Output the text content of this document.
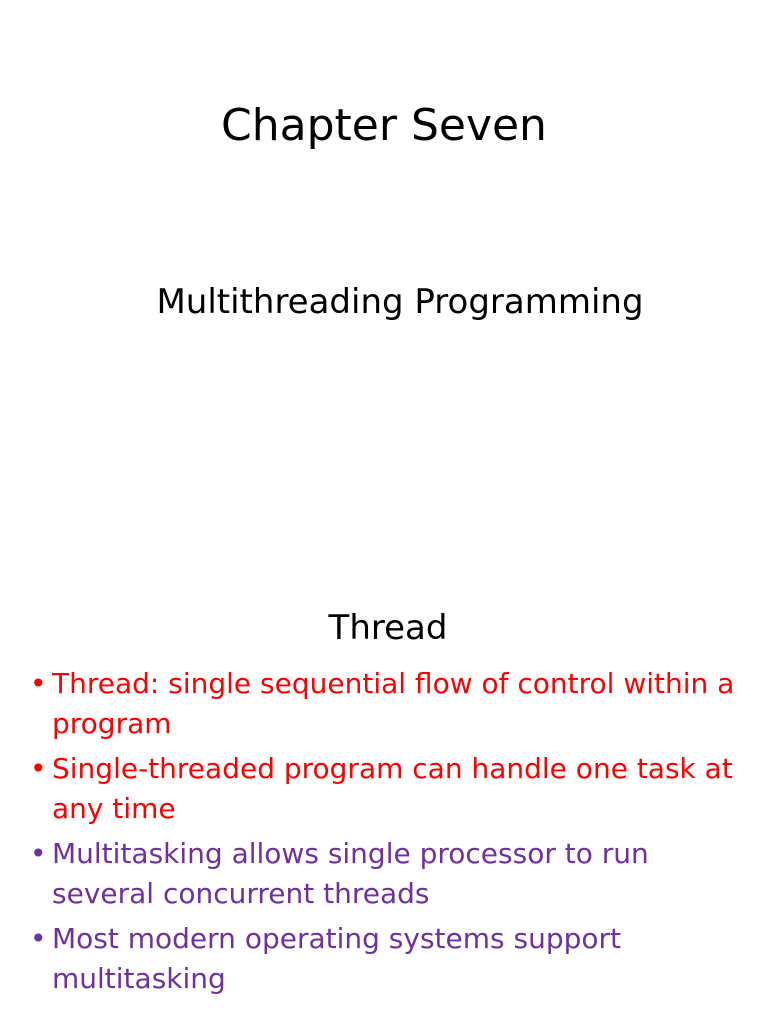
Chapter Seven
Multithreading Programming
Thread
• Thread: single sequential flow of control within a program
• Single-threaded program can handle one task at any time
• Multitasking allows single processor to run several concurrent threads
• Most modern operating systems support multitasking
